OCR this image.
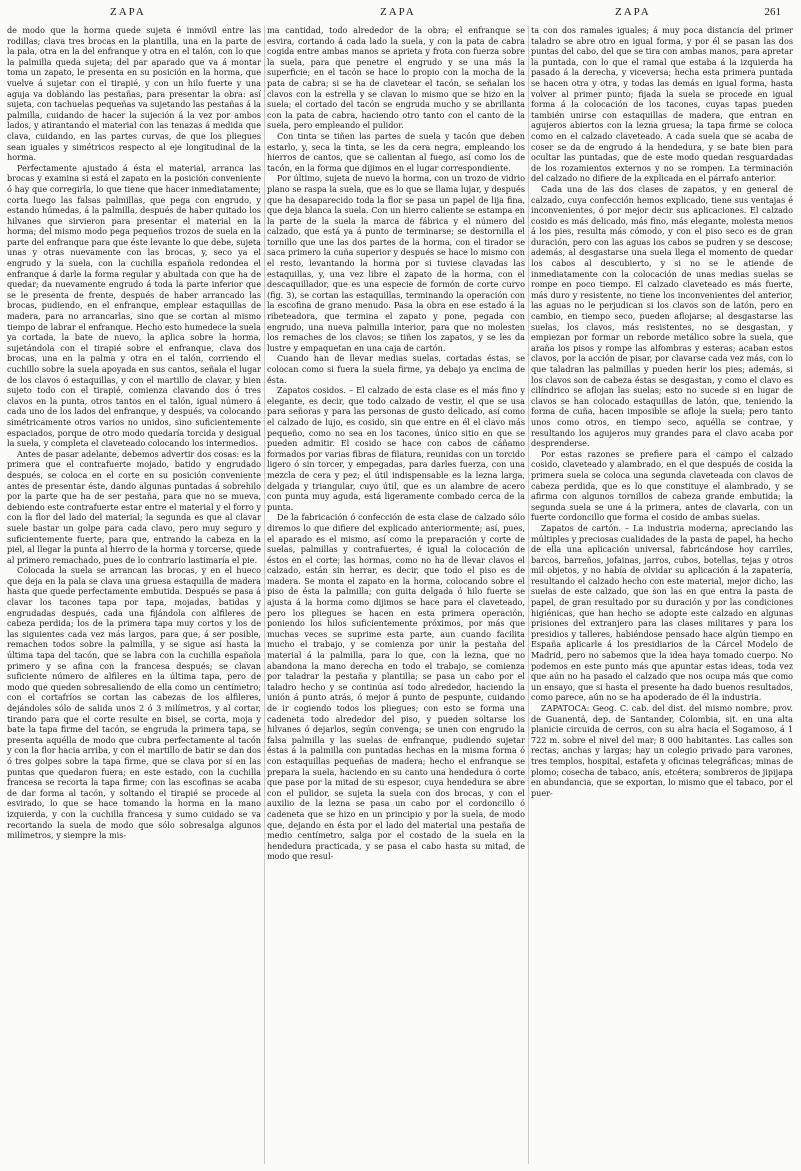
ZAPA	ZAPA	ZAPA	261

de modo que la horma quede sujeta é inmóvil entre las rodillas; clava tres brocas en la plantilla, una en la parte de la pala, otra en la del enfranque y otra en el talón, con lo que la palmilla queda sujeta; del par aparado que va á montar toma un zapato, le presenta en su posición en la horma, que vuelve á sujetar con el tirapié, y con un hilo fuerte y una aguja va doblando las pestañas, para presentar la obra: así sujeta, con tachuelas pequeñas va sujetando las pestañas á la palmilla, cuidando de hacer la sujeción á la vez por ambos lados, y atirantando el material con las tenazas á medida que clava, cuidando, en las partes curvas, de que los pliegues sean iguales y simétricos respecto al eje longitudinal de la horma.

Perfectamente ajustado á ésta el material, arranca las brocas y examina si está el zapato en la posición conveniente ó hay que corregirla, lo que tiene que hacer inmediatamente; corta luego las falsas palmillas, que pega con engrudo, y estando húmedas, á la palmilla, después de haber quitado los hilvanes que sirvieron para presentar el material en la horma; del mismo modo pega pequeños trozos de suela en la parte del enfranque para que éste levante lo que debe, sujeta unas y otras nuevamente con las brocas, y, seco ya el engrudo y la suela, con la cuchilla española redondea el enfranque á darle la forma regular y abultada con que ha de quedar; da nuevamente engrudo á toda la parte inferior que se le presenta de frente, después de haber arrancado las brocas, pudiendo, en el enfranque, emplear estaquillas de madera, para no arrancarlas, sino que se cortan al mismo tiempo de labrar el enfranque. Hecho esto humedece la suela ya cortada, la bate de nuevo, la aplica sobre la horma, sujetándola con el tirapié sobre el enfranque, clava dos brocas, una en la palma y otra en el talón, corriendo el cuchillo sobre la suela apoyada en sus cantos, señala el lugar de los clavos ó estaquillas, y con el martillo de clavar, y bien sujeto todo con el tirapié, comienza clavando dos ó tres clavos en la punta, otros tantos en el talón, igual número á cada uno de los lados del enfranque, y después, va colocando simétricamente otros varios no unidos, sino suficientemente espaciados, porque de otro modo quedaría torcida y desigual la suela, y completa el claveteado colocando los intermedios.

Antes de pasar adelante, debemos advertir dos cosas: es la primera que el contrafuerte mojado, batido y engrudado después, se coloca en el corte en su posición conveniente antes de presentar éste, dando algunas puntadas á sobrehilo por la parte que ha de ser pestaña, para que no se mueva, debiendo este contrafuerte estar entre el material y el forro y con la flor del lado del material; la segunda es que al clavar suele bastar un golpe para cada clavo, pero muy seguro y suficientemente fuerte, para que, entrando la cabeza en la piel, al llegar la punta al hierro de la horma y torcerse, quede al primero remachado, pues de lo contrario lastimaría el pie.

Colocada la suela se arrancan las brocas, y en el hueco que deja en la pala se clava una gruesa estaquilla de madera hasta que quede perfectamente embutida. Después se pasa á clavar los tacones tapa por tapa, mojadas, batidas y engrudadas después, cada una fijándola con alfileres de cabeza perdida; los de la primera tapa muy cortos y los de las siguientes cada vez más largos, para que, á ser posible, remachen todos sobre la palmilla, y se sigue así hasta la última tapa del tacón, que se labra con la cuchilla española primero y se afina con la francesa después; se clavan suficiente número de alfileres en la última tapa, pero de modo que queden sobresaliendo de ella como un centímetro; con el cortafríos se cortan las cabezas de los alfileres, dejándoles sólo de salida unos 2 ó 3 milímetros, y al cortar, tirando para que el corte resulte en bisel, se corta, moja y bate la tapa firme del tacón, se engruda la primera tapa, se presenta aquélla de modo que cubra perfectamente al tacón y con la flor hacia arriba, y con el martillo de batir se dan dos ó tres golpes sobre la tapa firme, que se clava por sí en las puntas que quedaron fuera; en este estado, con la cuchilla francesa se recorta la tapa firme; con las escofinas se acaba de dar forma al tacón, y soltando el tirapié se procede al esvirado, lo que se hace tomando la horma en la mano izquierda, y con la cuchilla francesa y sumo cuidado se va recortando la suela de modo que sólo sobresalga algunos milímetros, y siempre la mis-

ma cantidad, todo alrededor de la obra; el enfranque se esvira, cortando á cada lado la suela, y con la pata de cabra cogida entre ambas manos se aprieta y frota con fuerza sobre la suela, para que penetre el engrudo y se una más la superficie; en el tacón se hace lo propio con la mocha de la pata de cabra; si se ha de clavetear el tacón, se señalan los clavos con la estrella y se clavan lo mismo que se hizo en la suela; el cortado del tacón se engruda mucho y se abrillanta con la pata de cabra, haciendo otro tanto con el canto de la suela, pero empleando el pulidor.

Con tinta se tiñen las partes de suela y tacón que deben estarlo, y, seca la tinta, se les da cera negra, empleando los hierros de cantos, que se calientan al fuego, así como los de tacón, en la forma que dijimos en el lugar correspondiente.

Por último, sujeta de nuevo la horma, con un trozo de vidrio plano se raspa la suela, que es lo que se llama lujar, y después que ha desaparecido toda la flor se pasa un papel de lija fina, que deja blanca la suela. Con un hierro caliente se estampa en la parte de la suela la marca de fábrica y el número del calzado, que está ya á punto de terminarse; se destornilla el tornillo que une las dos partes de la horma, con el tirador se saca primero la cuña superior y después se hace lo mismo con el resto, levantando la horma por si tuviese clavadas las estaquillas, y, una vez libre el zapato de la horma, con el descaquillador, que es una especie de formón de corte curvo (fig. 3), se cortan las estaquillas, terminando la operación con la escofina de grano menudo. Pasa la obra en ese estado á la ribeteadora, que termina el zapato y pone, pegada con engrudo, una nueva palmilla interior, para que no molesten los remaches de los clavos; se tiñen los zapatos, y se les da lustre y empaquetan en una caja de cartón.

Cuando han de llevar medias suelas, cortadas éstas, se colocan como si fuera la suela firme, ya debajo ya encima de ésta.

Zapatos cosidos. – El calzado de esta clase es el más fino y elegante, es decir, que todo calzado de vestir, el que se usa para señoras y para las personas de gusto delicado, así como el calzado de lujo, es cosido, sin que entre en él el clavo más pequeño, como no sea en los tacones, único sitio en que se pueden admitir. El cosido se hace con cabos de cáñamo formados por varias fibras de filatura, reunidas con un torcido ligero ó sin torcer, y empegadas, para darles fuerza, con una mezcla de cera y pez; el útil indispensable es la lezna larga, delgada y triangular, cuyo útil, que es un alambre de acero con punta muy aguda, está ligeramente combado cerca de la punta.

De la fabricación ó confección de esta clase de calzado sólo diremos lo que difiere del explicado anteriormente; así, pues, el aparado es el mismo, así como la preparación y corte de suelas, palmillas y contrafuertes, é igual la colocación de éstos en el corte; las hormas, como no ha de llevar clavos el calzado, están sin herrar, es decir, que todo el piso es de madera. Se monta el zapato en la horma, colocando sobre el piso de ésta la palmilla; con guita delgada ó hilo fuerte se ajusta á la horma como dijimos se hace para el claveteado, pero los pliegues se hacen en esta primera operación, poniendo los hilos suficientemente próximos, por más que muchas veces se suprime esta parte, aun cuando facilita mucho el trabajo, y se comienza por unir la pestaña del material á la palmilla, para lo que, con la lezna, que no abandona la mano derecha en todo el trabajo, se comienza por taladrar la pestaña y plantilla; se pasa un cabo por el taladro hecho y se continúa así todo alrededor, haciendo la unión á punto atrás, ó mejor á punto de pespunte, cuidando de ir cogiendo todos los pliegues; con esto se forma una cadeneta todo alrededor del piso, y pueden soltarse los hilvanes ó dejarlos, según convenga; se unen con engrudo la falsa palmilla y las suelas de enfranque, pudiendo sujetar éstas á la palmilla con puntadas hechas en la misma forma ó con estaquillas pequeñas de madera; hecho el enfranque se prepara la suela, haciendo en su canto una hendedura ó corte que pase por la mitad de su espesor, cuya hendedura se abre con el pulidor, se sujeta la suela con dos brocas, y con el auxilio de la lezna se pasa un cabo por el cordoncillo ó cadeneta que se hizo en un principio y por la suela, de modo que, dejando en ésta por el lado del material una pestaña de medio centímetro, salga por el costado de la suela en la hendedura practicada, y se pasa el cabo hasta su mitad, de modo que resul-

ta con dos ramales iguales; á muy poca distancia del primer taladro se abre otro en igual forma, y por él se pasan las dos puntas del cabo, del que se tira con ambas manos, para apretar la puntada, con lo que el ramal que estaba á la izquierda ha pasado á la derecha, y viceversa; hecha esta primera puntada se hacen otra y otra, y todas las demás en igual forma, hasta volver al primer punto; fijada la suela se procede en igual forma á la colocación de los tacones, cuyas tapas pueden también unirse con estaquillas de madera, que entran en agujeros abiertos con la lezna gruesa; la tapa firme se coloca como en el calzado claveteado. A cada suela que se acaba de coser se da de engrudo á la hendedura, y se bate bien para ocultar las puntadas, que de este modo quedan resguardadas de los rozamientos externos y no se rompen. La terminación del calzado no difiere de la explicada en el párrafo anterior.

Cada una de las dos clases de zapatos, y en general de calzado, cuya confección hemos explicado, tiene sus ventajas é inconvenientes, ó por mejor decir sus aplicaciones. El calzado cosido es más delicado, más fino, más elegante, molesta menos á los pies, resulta más cómodo, y con el piso seco es de gran duración, pero con las aguas los cabos se pudren y se descose; además, al desgastarse una suela llega el momento de quedar los cabos al descubierto, y si no se le atiende de inmediatamente con la colocación de unas medias suelas se rompe en poco tiempo. El calzado claveteado es más fuerte, más duro y resistente, no tiene los inconvenientes del anterior, las aguas no le perjudican si los clavos son de latón, pero en cambio, en tiempo seco, pueden aflojarse; al desgastarse las suelas, los clavos, más resistentes, no se desgastan, y empiezan por formar un reborde metálico sobre la suela, que araña los pisos y rompe las alfombras y esteras; acaban estos clavos, por la acción de pisar, por clavarse cada vez más, con lo que taladran las palmillas y pueden herir los pies; además, si los clavos son de cabeza éstas se desgastan, y como el clavo es cilíndrico se aflojan las suelas; esto no sucede si en lugar de clavos se han colocado estaquillas de latón, que, teniendo la forma de cuña, hacen imposible se afloje la suela; pero tanto unos como otros, en tiempo seco, aquélla se contrae, y resultando los agujeros muy grandes para el clavo acaba por desprenderse.

Por estas razones se prefiere para el campo el calzado cosido, claveteado y alambrado, en el que después de cosida la primera suela se coloca una segunda claveteada con clavos de cabeza perdida, que es lo que constituye el alambrado, y se afirma con algunos tornillos de cabeza grande embutida; la segunda suela se une á la primera, antes de clavarla, con un fuerte cordoncillo que forma el cosido de ambas suelas.

Zapatos de cartón. – La industria moderna, apreciando las múltiples y preciosas cualidades de la pasta de papel, ha hecho de ella una aplicación universal, fabricándose hoy carriles, barcos, barreños, jofainas, jarros, cubos, botellas, tejas y otros mil objetos, y no había de olvidar su aplicación á la zapatería, resultando el calzado hecho con este material, mejor dicho, las suelas de este calzado, que son las en que entra la pasta de papel, de gran resultado por su duración y por las condiciones higiénicas, que han hecho se adopte este calzado en algunas prisiones del extranjero para las clases militares y para los presidios y talleres, habiéndose pensado hace algún tiempo en España aplicarle á los presidiarios de la Cárcel Modelo de Madrid, pero no sabemos que la idea haya tomado cuerpo. No podemos en este punto más que apuntar estas ideas, toda vez que aún no ha pasado el calzado que nos ocupa más que como un ensayo, que si hasta el presente ha dado buenos resultados, como parece, aún no se ha apoderado de él la industria.

ZAPATOCA: Geog. C. cab. del dist. del mismo nombre, prov. de Guanentá, dep. de Santander, Colombia, sit. en una alta planicie circuida de cerros, con su alra hacia el Sogamoso, á 1 722 m. sobre el nivel del mar; 8 000 habitantes. Las calles son rectas, anchas y largas; hay un colegio privado para varones, tres templos, hospital, estafeta y oficinas telegráficas; minas de plomo; cosecha de tabaco, anís, etcétera; sombreros de jipijapa en abundancia, que se exportan, lo mismo que el tabaco, por el puer-
